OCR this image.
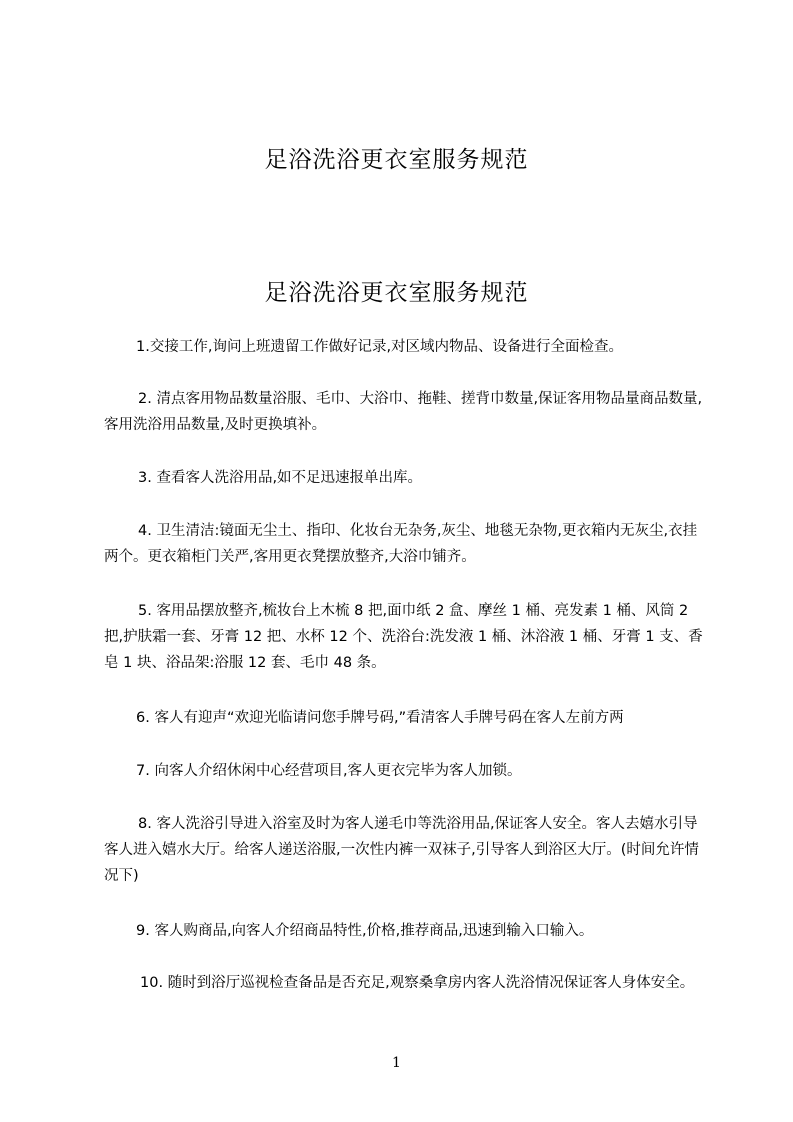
足浴洗浴更衣室服务规范
足浴洗浴更衣室服务规范
1.交接工作,询问上班遗留工作做好记录,对区域内物品、设备进行全面检查。
2. 清点客用物品数量浴服、毛巾、大浴巾、拖鞋、搓背巾数量,保证客用物品量商品数量,客用洗浴用品数量,及时更换填补。
3. 查看客人洗浴用品,如不足迅速报单出库。
4. 卫生清洁:镜面无尘土、指印、化妆台无杂务,灰尘、地毯无杂物,更衣箱内无灰尘,衣挂两个。更衣箱柜门关严,客用更衣凳摆放整齐,大浴巾铺齐。
5. 客用品摆放整齐,梳妆台上木梳 8 把,面巾纸 2 盒、摩丝 1 桶、亮发素 1 桶、风筒 2 把,护肤霜一套、牙膏 12 把、水杯 12 个、洗浴台:洗发液 1 桶、沐浴液 1 桶、牙膏 1 支、香皂 1 块、浴品架:浴服 12 套、毛巾 48 条。
6. 客人有迎声“欢迎光临请问您手牌号码,”看清客人手牌号码在客人左前方两
7. 向客人介绍休闲中心经营项目,客人更衣完毕为客人加锁。
8. 客人洗浴引导进入浴室及时为客人递毛巾等洗浴用品,保证客人安全。客人去嬉水引导客人进入嬉水大厅。给客人递送浴服,一次性内裤一双袜子,引导客人到浴区大厅。(时间允许情况下)
9. 客人购商品,向客人介绍商品特性,价格,推荐商品,迅速到输入口输入。
10. 随时到浴厅巡视检查备品是否充足,观察桑拿房内客人洗浴情况保证客人身体安全。
1
